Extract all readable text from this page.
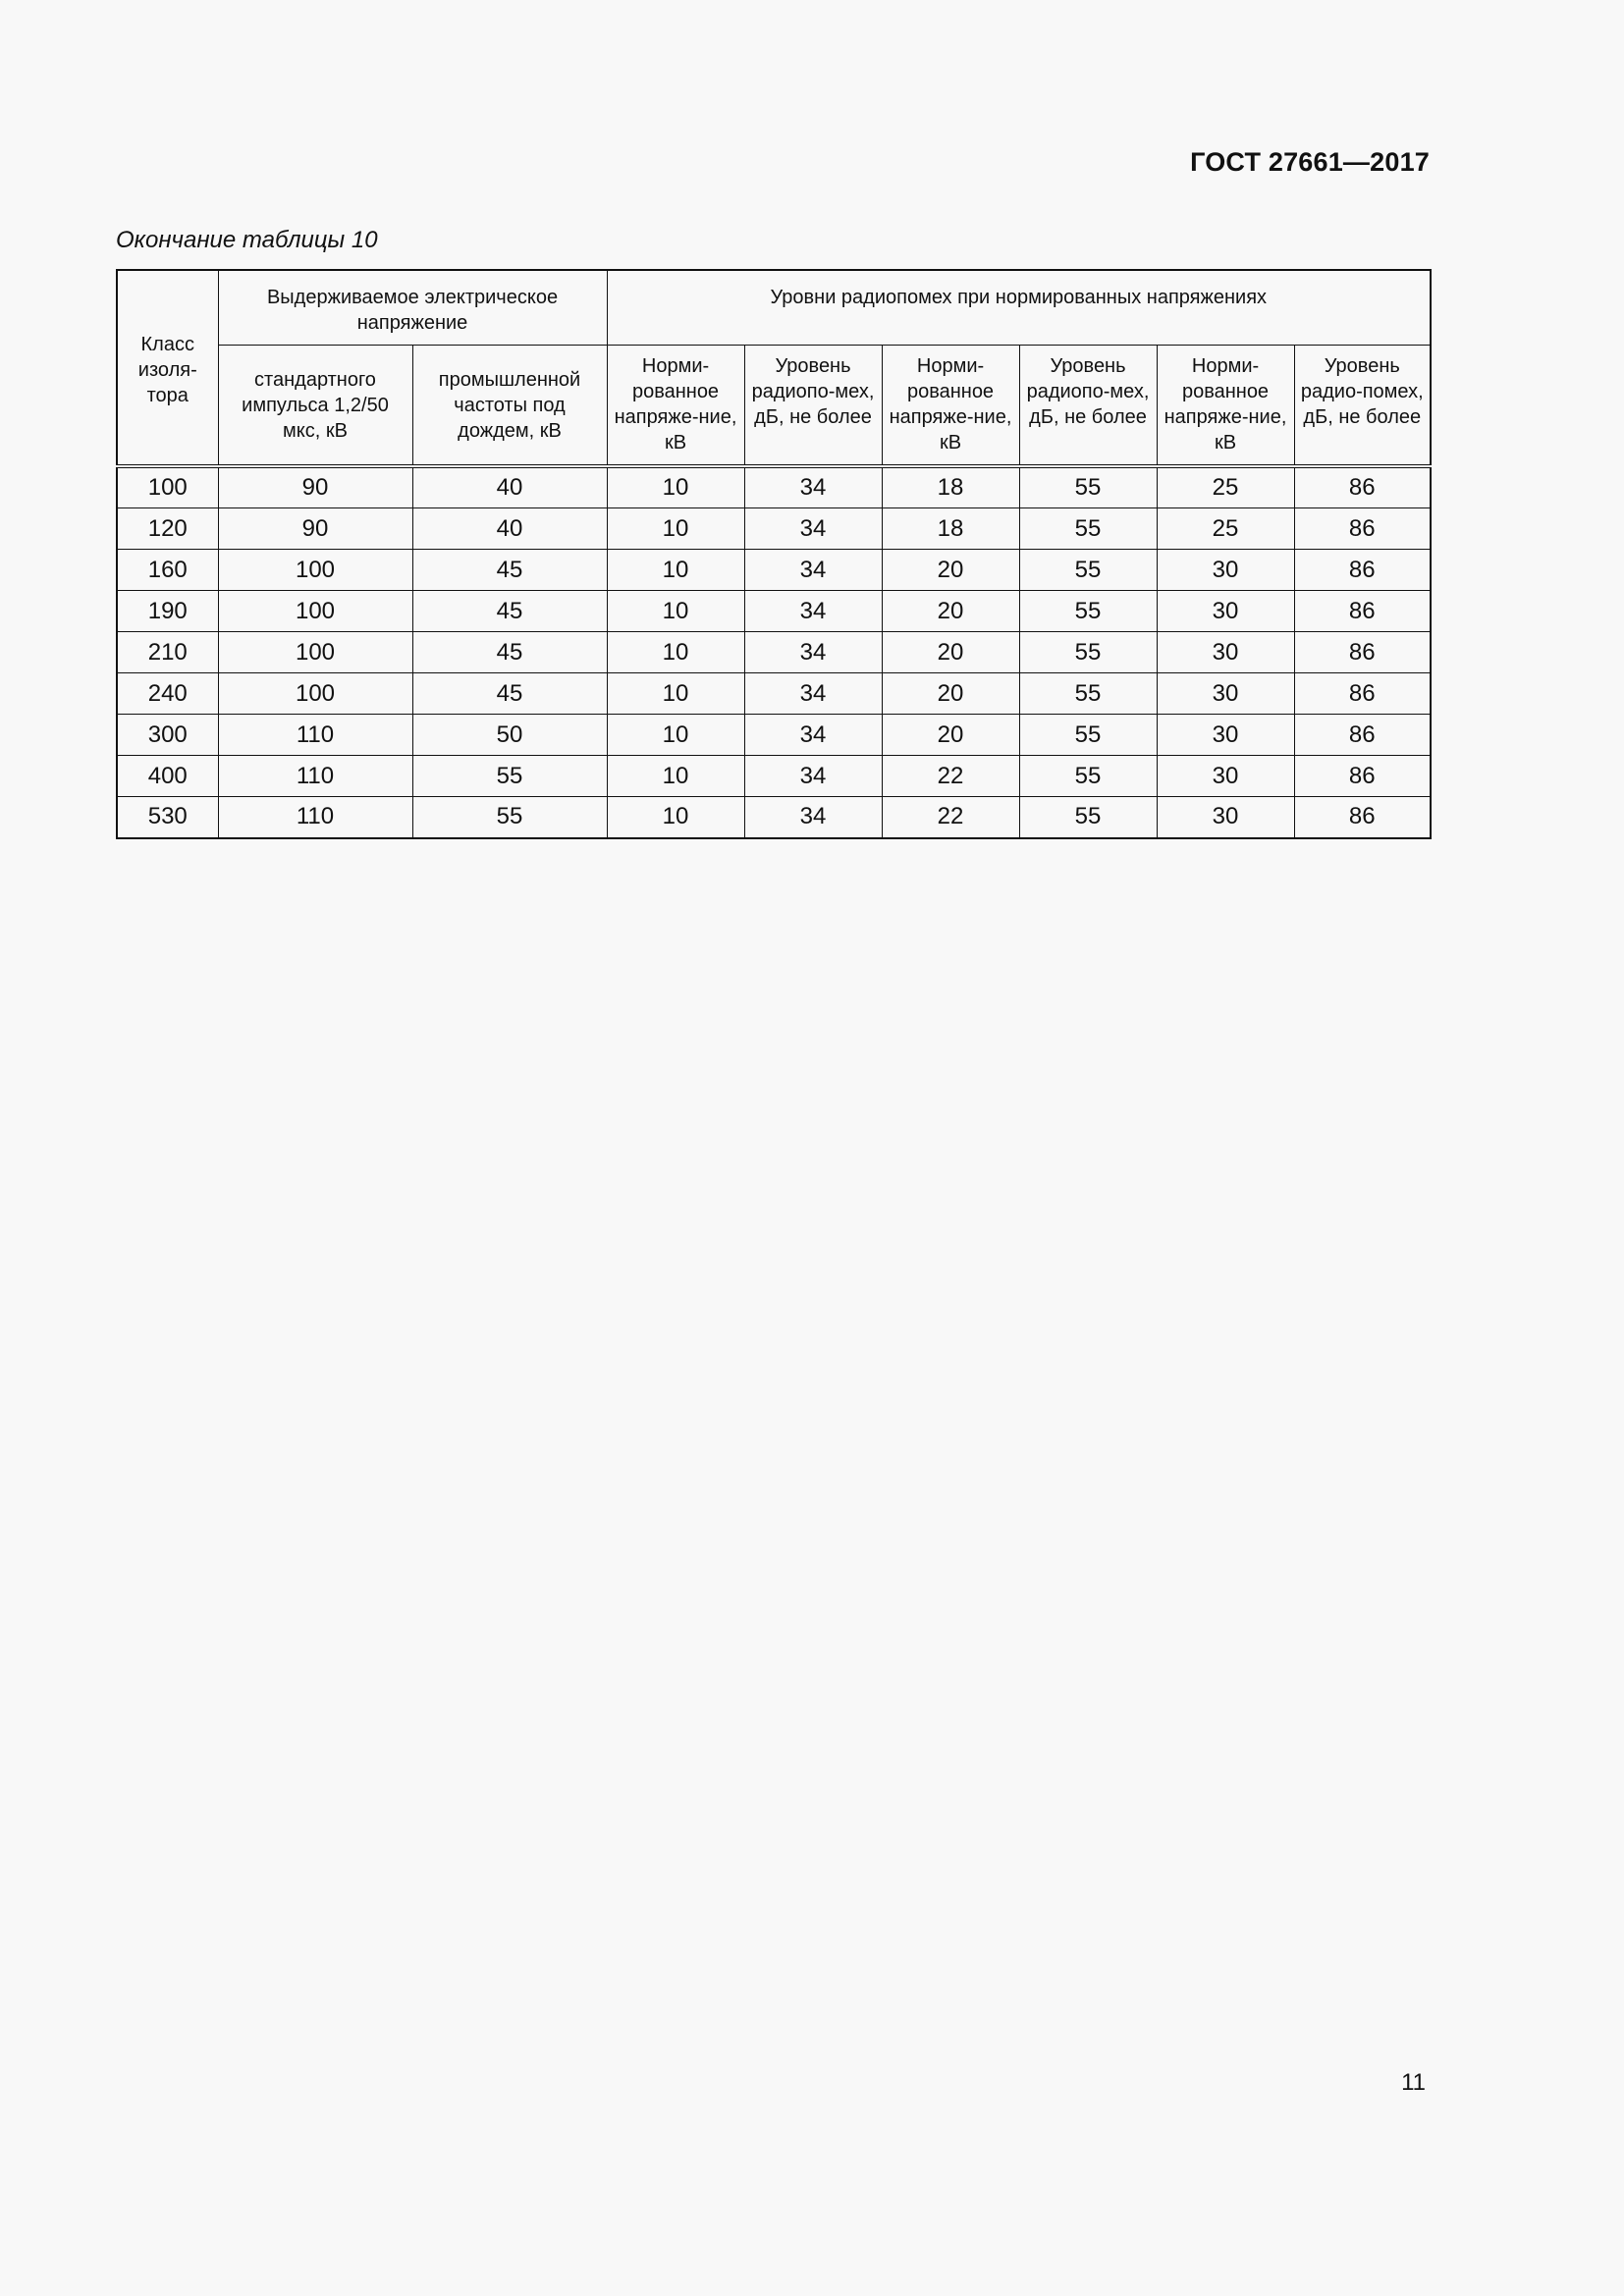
ГОСТ 27661—2017
Окончание таблицы 10
Класс изоля-тора	Выдерживаемое электрическое напряжение		Уровни радиопомех при нормированных напряжениях					
	стандартного импульса 1,2/50 мкс, кВ	промышленной частоты под дождем, кВ	Норми-рованное напряже-ние, кВ	Уровень радиопо-мех, дБ, не более	Норми-рованное напряже-ние, кВ	Уровень радиопо-мех, дБ, не более	Норми-рованное напряже-ние, кВ	Уровень радио-помех, дБ, не более
100	90	40	10	34	18	55	25	86
120	90	40	10	34	18	55	25	86
160	100	45	10	34	20	55	30	86
190	100	45	10	34	20	55	30	86
210	100	45	10	34	20	55	30	86
240	100	45	10	34	20	55	30	86
300	110	50	10	34	20	55	30	86
400	110	55	10	34	22	55	30	86
530	110	55	10	34	22	55	30	86
11
